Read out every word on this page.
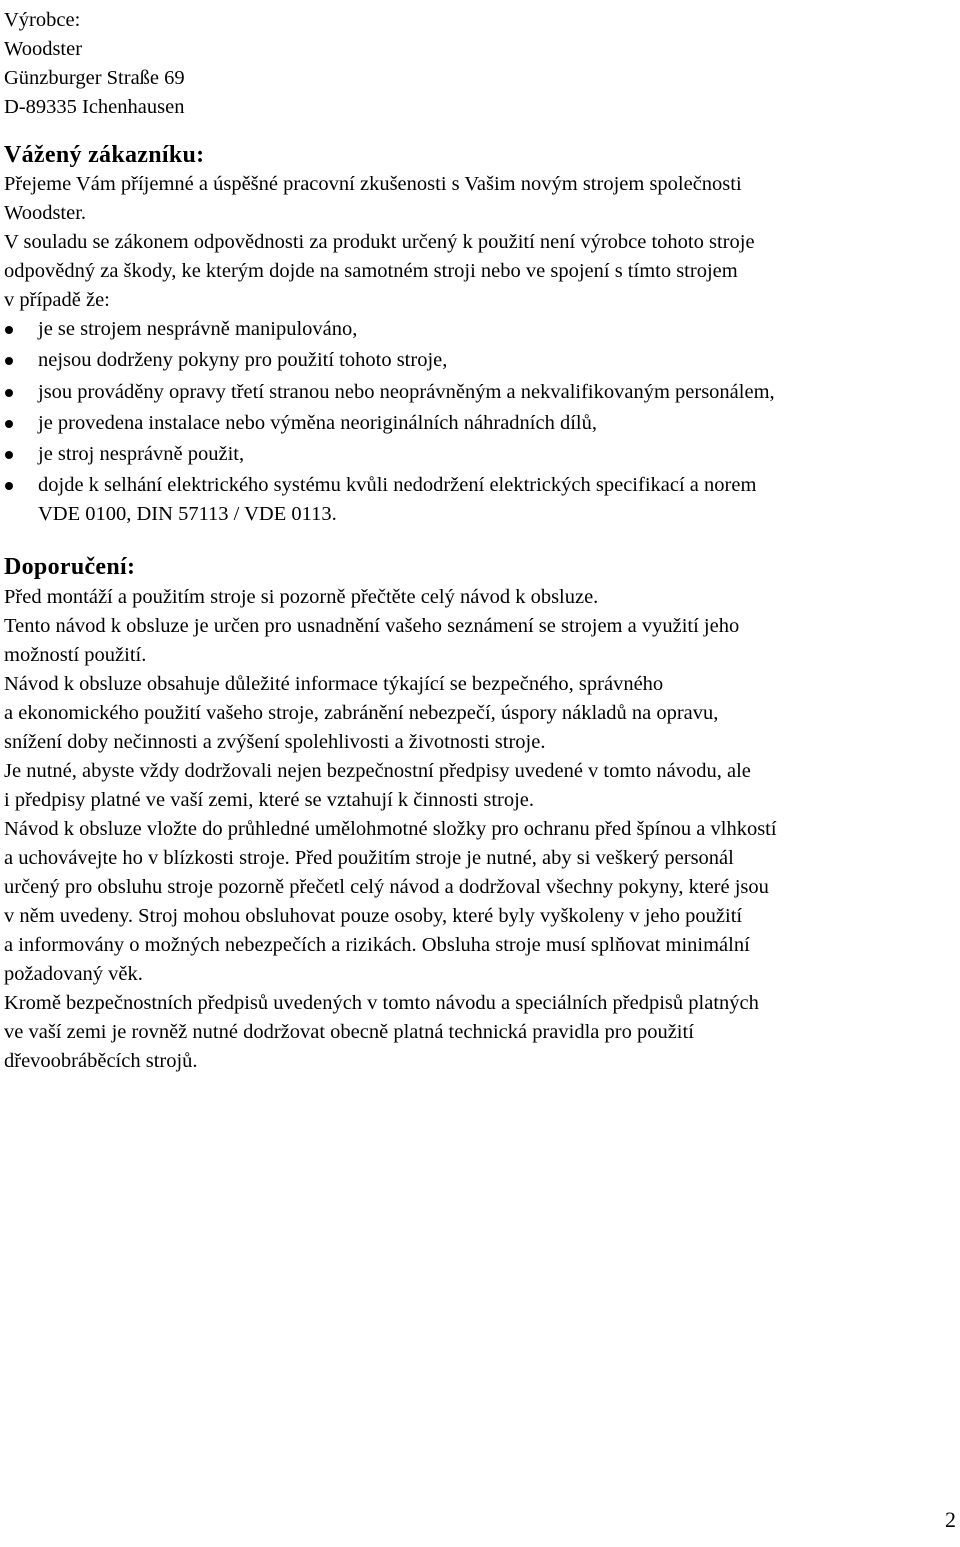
Výrobce:
Woodster
Günzburger Straße 69
D-89335 Ichenhausen
Vážený zákazníku:
Přejeme Vám příjemné a úspěšné pracovní zkušenosti s Vašim novým strojem společnosti
Woodster.
V souladu se zákonem odpovědnosti za produkt určený k použití není výrobce tohoto stroje
odpovědný za škody, ke kterým dojde na samotném stroji nebo ve spojení s tímto strojem
v případě že:
je se strojem nesprávně manipulováno,
nejsou dodrženy pokyny pro použití tohoto stroje,
jsou prováděny opravy třetí stranou nebo neoprávněným a nekvalifikovaným personálem,
je provedena instalace nebo výměna neoriginálních náhradních dílů,
je stroj nesprávně použit,
dojde k selhání elektrického systému kvůli nedodržení elektrických specifikací a norem
VDE 0100, DIN 57113 / VDE 0113.
Doporučení:
Před montáží a použitím stroje si pozorně přečtěte celý návod k obsluze.
Tento návod k obsluze je určen pro usnadnění vašeho seznámení se strojem a využití jeho
možností použití.
Návod k obsluze obsahuje důležité informace týkající se bezpečného, správného
a ekonomického použití vašeho stroje, zabránění nebezpečí, úspory nákladů na opravu,
snížení doby nečinnosti a zvýšení spolehlivosti a životnosti stroje.
Je nutné, abyste vždy dodržovali nejen bezpečnostní předpisy uvedené v tomto návodu, ale
i předpisy platné ve vaší zemi, které se vztahují k činnosti stroje.
Návod k obsluze vložte do průhledné umělohmotné složky pro ochranu před špínou a vlhkostí
a uchovávejte ho v blízkosti stroje. Před použitím stroje je nutné, aby si veškerý personál
určený pro obsluhu stroje pozorně přečetl celý návod a dodržoval všechny pokyny, které jsou
v něm uvedeny. Stroj mohou obsluhovat pouze osoby, které byly vyškoleny v jeho použití
a informovány o možných nebezpečích a rizikách. Obsluha stroje musí splňovat minimální
požadovaný věk.
Kromě bezpečnostních předpisů uvedených v tomto návodu a speciálních předpisů platných
ve vaší zemi je rovněž nutné dodržovat obecně platná technická pravidla pro použití
dřevoobráběcích strojů.
2
